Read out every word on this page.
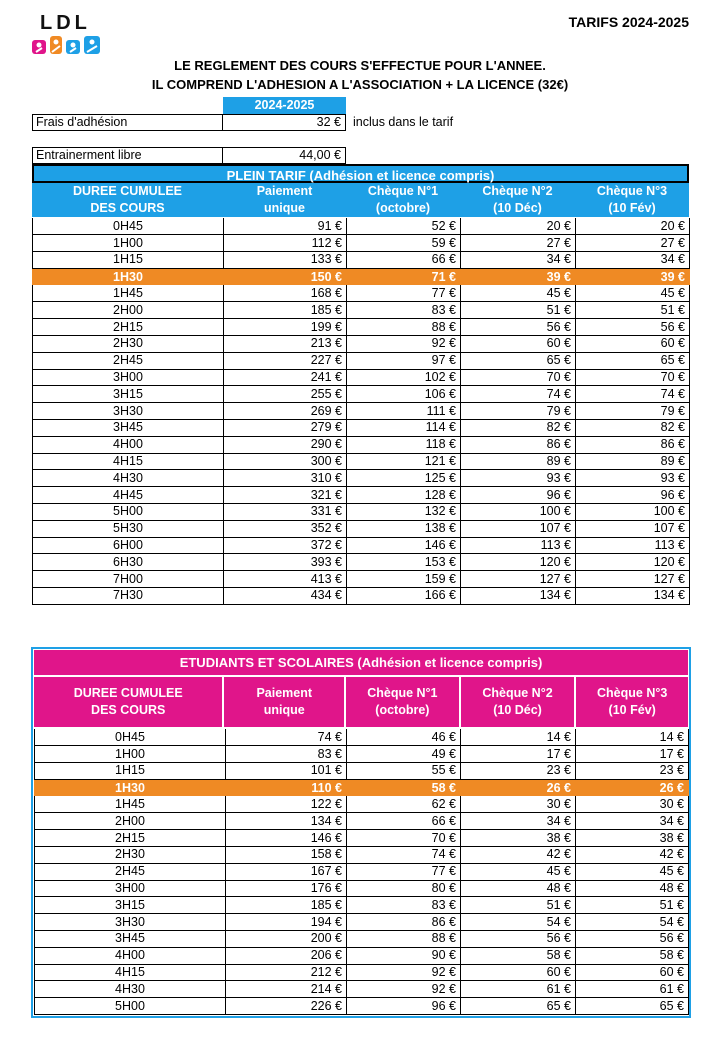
LDL	TARIFS 2024-2025
LE REGLEMENT DES COURS S'EFFECTUE POUR L'ANNEE.
IL COMPREND L'ADHESION A L'ASSOCIATION + LA LICENCE (32€)
2024-2025
Frais d'adhésion	32 € inclus dans le tarif
Entrainerment libre	44,00 €
PLEIN TARIF (Adhésion et licence compris)
DUREE CUMULEE
DES COURS
Paiement
unique
Chèque N°1
(octobre)
Chèque N°2
(10 Déc)
Chèque N°3
(10 Fév)
0H45	91 €	52 €	20 €	20 €
1H00	112 €	59 €	27 €	27 €
1H15	133 €	66 €	34 €	34 €
1H30	150 €	71 €	39 €	39 €
1H45	168 €	77 €	45 €	45 €
2H00	185 €	83 €	51 €	51 €
2H15	199 €	88 €	56 €	56 €
2H30	213 €	92 €	60 €	60 €
2H45	227 €	97 €	65 €	65 €
3H00	241 €	102 €	70 €	70 €
3H15	255 €	106 €	74 €	74 €
3H30	269 €	111 €	79 €	79 €
3H45	279 €	114 €	82 €	82 €
4H00	290 €	118 €	86 €	86 €
4H15	300 €	121 €	89 €	89 €
4H30	310 €	125 €	93 €	93 €
4H45	321 €	128 €	96 €	96 €
5H00	331 €	132 €	100 €	100 €
5H30	352 €	138 €	107 €	107 €
6H00	372 €	146 €	113 €	113 €
6H30	393 €	153 €	120 €	120 €
7H00	413 €	159 €	127 €	127 €
7H30	434 €	166 €	134 €	134 €
ETUDIANTS ET SCOLAIRES (Adhésion et licence compris)
DUREE CUMULEE
DES COURS
Paiement
unique
Chèque N°1
(octobre)
Chèque N°2
(10 Déc)
Chèque N°3
(10 Fév)
0H45	74 €	46 €	14 €	14 €
1H00	83 €	49 €	17 €	17 €
1H15	101 €	55 €	23 €	23 €
1H30	110 €	58 €	26 €	26 €
1H45	122 €	62 €	30 €	30 €
2H00	134 €	66 €	34 €	34 €
2H15	146 €	70 €	38 €	38 €
2H30	158 €	74 €	42 €	42 €
2H45	167 €	77 €	45 €	45 €
3H00	176 €	80 €	48 €	48 €
3H15	185 €	83 €	51 €	51 €
3H30	194 €	86 €	54 €	54 €
3H45	200 €	88 €	56 €	56 €
4H00	206 €	90 €	58 €	58 €
4H15	212 €	92 €	60 €	60 €
4H30	214 €	92 €	61 €	61 €
5H00	226 €	96 €	65 €	65 €
